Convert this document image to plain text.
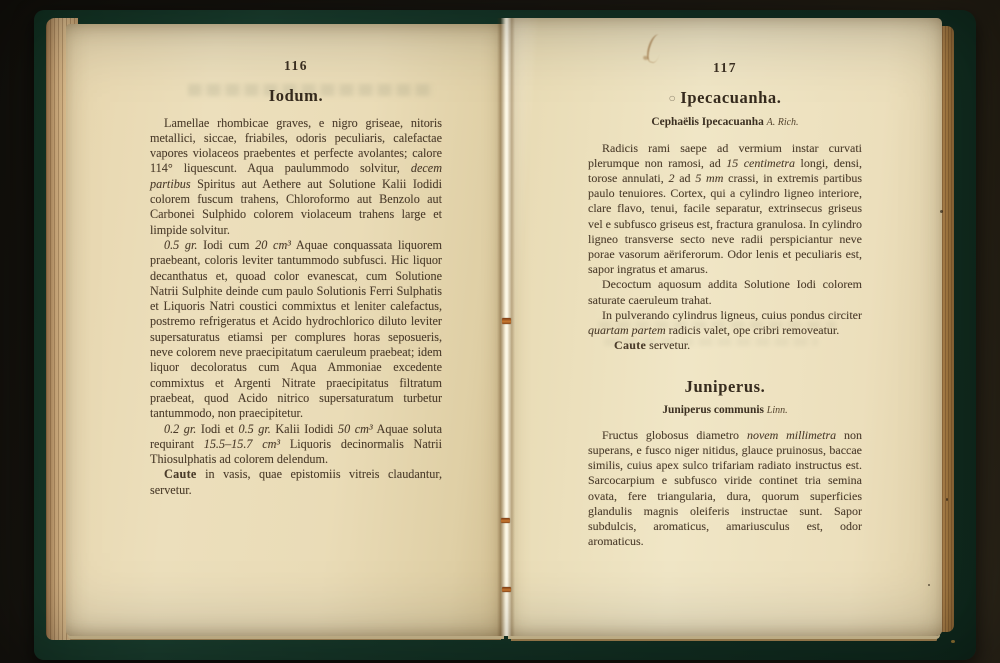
116
Iodum.

Lamellae rhombicae graves, e nigro griseae, nitoris metallici, siccae, friabiles, odoris peculiaris, calefactae vapores violaceos praebentes et perfecte avolantes; calore 114° liquescunt. Aqua paulummodo solvitur, decem partibus Spiritus aut Aethere aut Solutione Kalii Iodidi colorem fuscum trahens, Chloroformo aut Benzolo aut Carbonei Sulphido colorem violaceum trahens large et limpide solvitur.

0.5 gr. Iodi cum 20 cm³ Aquae conquassata liquorem praebeant, coloris leviter tantummodo subfusci. Hic liquor decanthatus et, quoad color evanescat, cum Solutione Natrii Sulphite deinde cum paulo Solutionis Ferri Sulphatis et Liquoris Natri coustici commixtus et leniter calefactus, postremo refrigeratus et Acido hydrochlorico diluto leviter supersaturatus etiamsi per complures horas seposueris, neve colorem neve praecipitatum caeruleum praebeat; idem liquor decoloratus cum Aqua Ammoniae excedente commixtus et Argenti Nitrate praecipitatus filtratum praebeat, quod Acido nitrico supersaturatum turbetur tantummodo, non praecipitetur.

0.2 gr. Iodi et 0.5 gr. Kalii Iodidi 50 cm³ Aquae soluta requirant 15.5–15.7 cm³ Liquoris decinormalis Natrii Thiosulphatis ad colorem delendum.

Caute in vasis, quae epistomiis vitreis claudantur, servetur.

117
○ Ipecacuanha.
Cephaëlis Ipecacuanha A. Rich.

Radicis rami saepe ad vermium instar curvati plerumque non ramosi, ad 15 centimetra longi, densi, torose annulati, 2 ad 5 mm crassi, in extremis partibus paulo tenuiores. Cortex, qui a cylindro ligneo interiore, clare flavo, tenui, facile separatur, extrinsecus griseus vel e subfusco griseus est, fractura granulosa. In cylindro ligneo transverse secto neve radii perspiciantur neve porae vasorum aëriferorum. Odor lenis et peculiaris est, sapor ingratus et amarus.

Decoctum aquosum addita Solutione Iodi colorem saturate caeruleum trahat.

In pulverando cylindrus ligneus, cuius pondus circiter quartam partem radicis valet, ope cribri removeatur.

Caute servetur.

Juniperus.
Juniperus communis Linn.

Fructus globosus diametro novem millimetra non superans, e fusco niger nitidus, glauce pruinosus, baccae similis, cuius apex sulco trifariam radiato instructus est. Sarcocarpium e subfusco viride continet tria semina ovata, fere triangularia, dura, quorum superficies glandulis magnis oleiferis instructae sunt. Sapor subdulcis, aromaticus, amariusculus est, odor aromaticus.
